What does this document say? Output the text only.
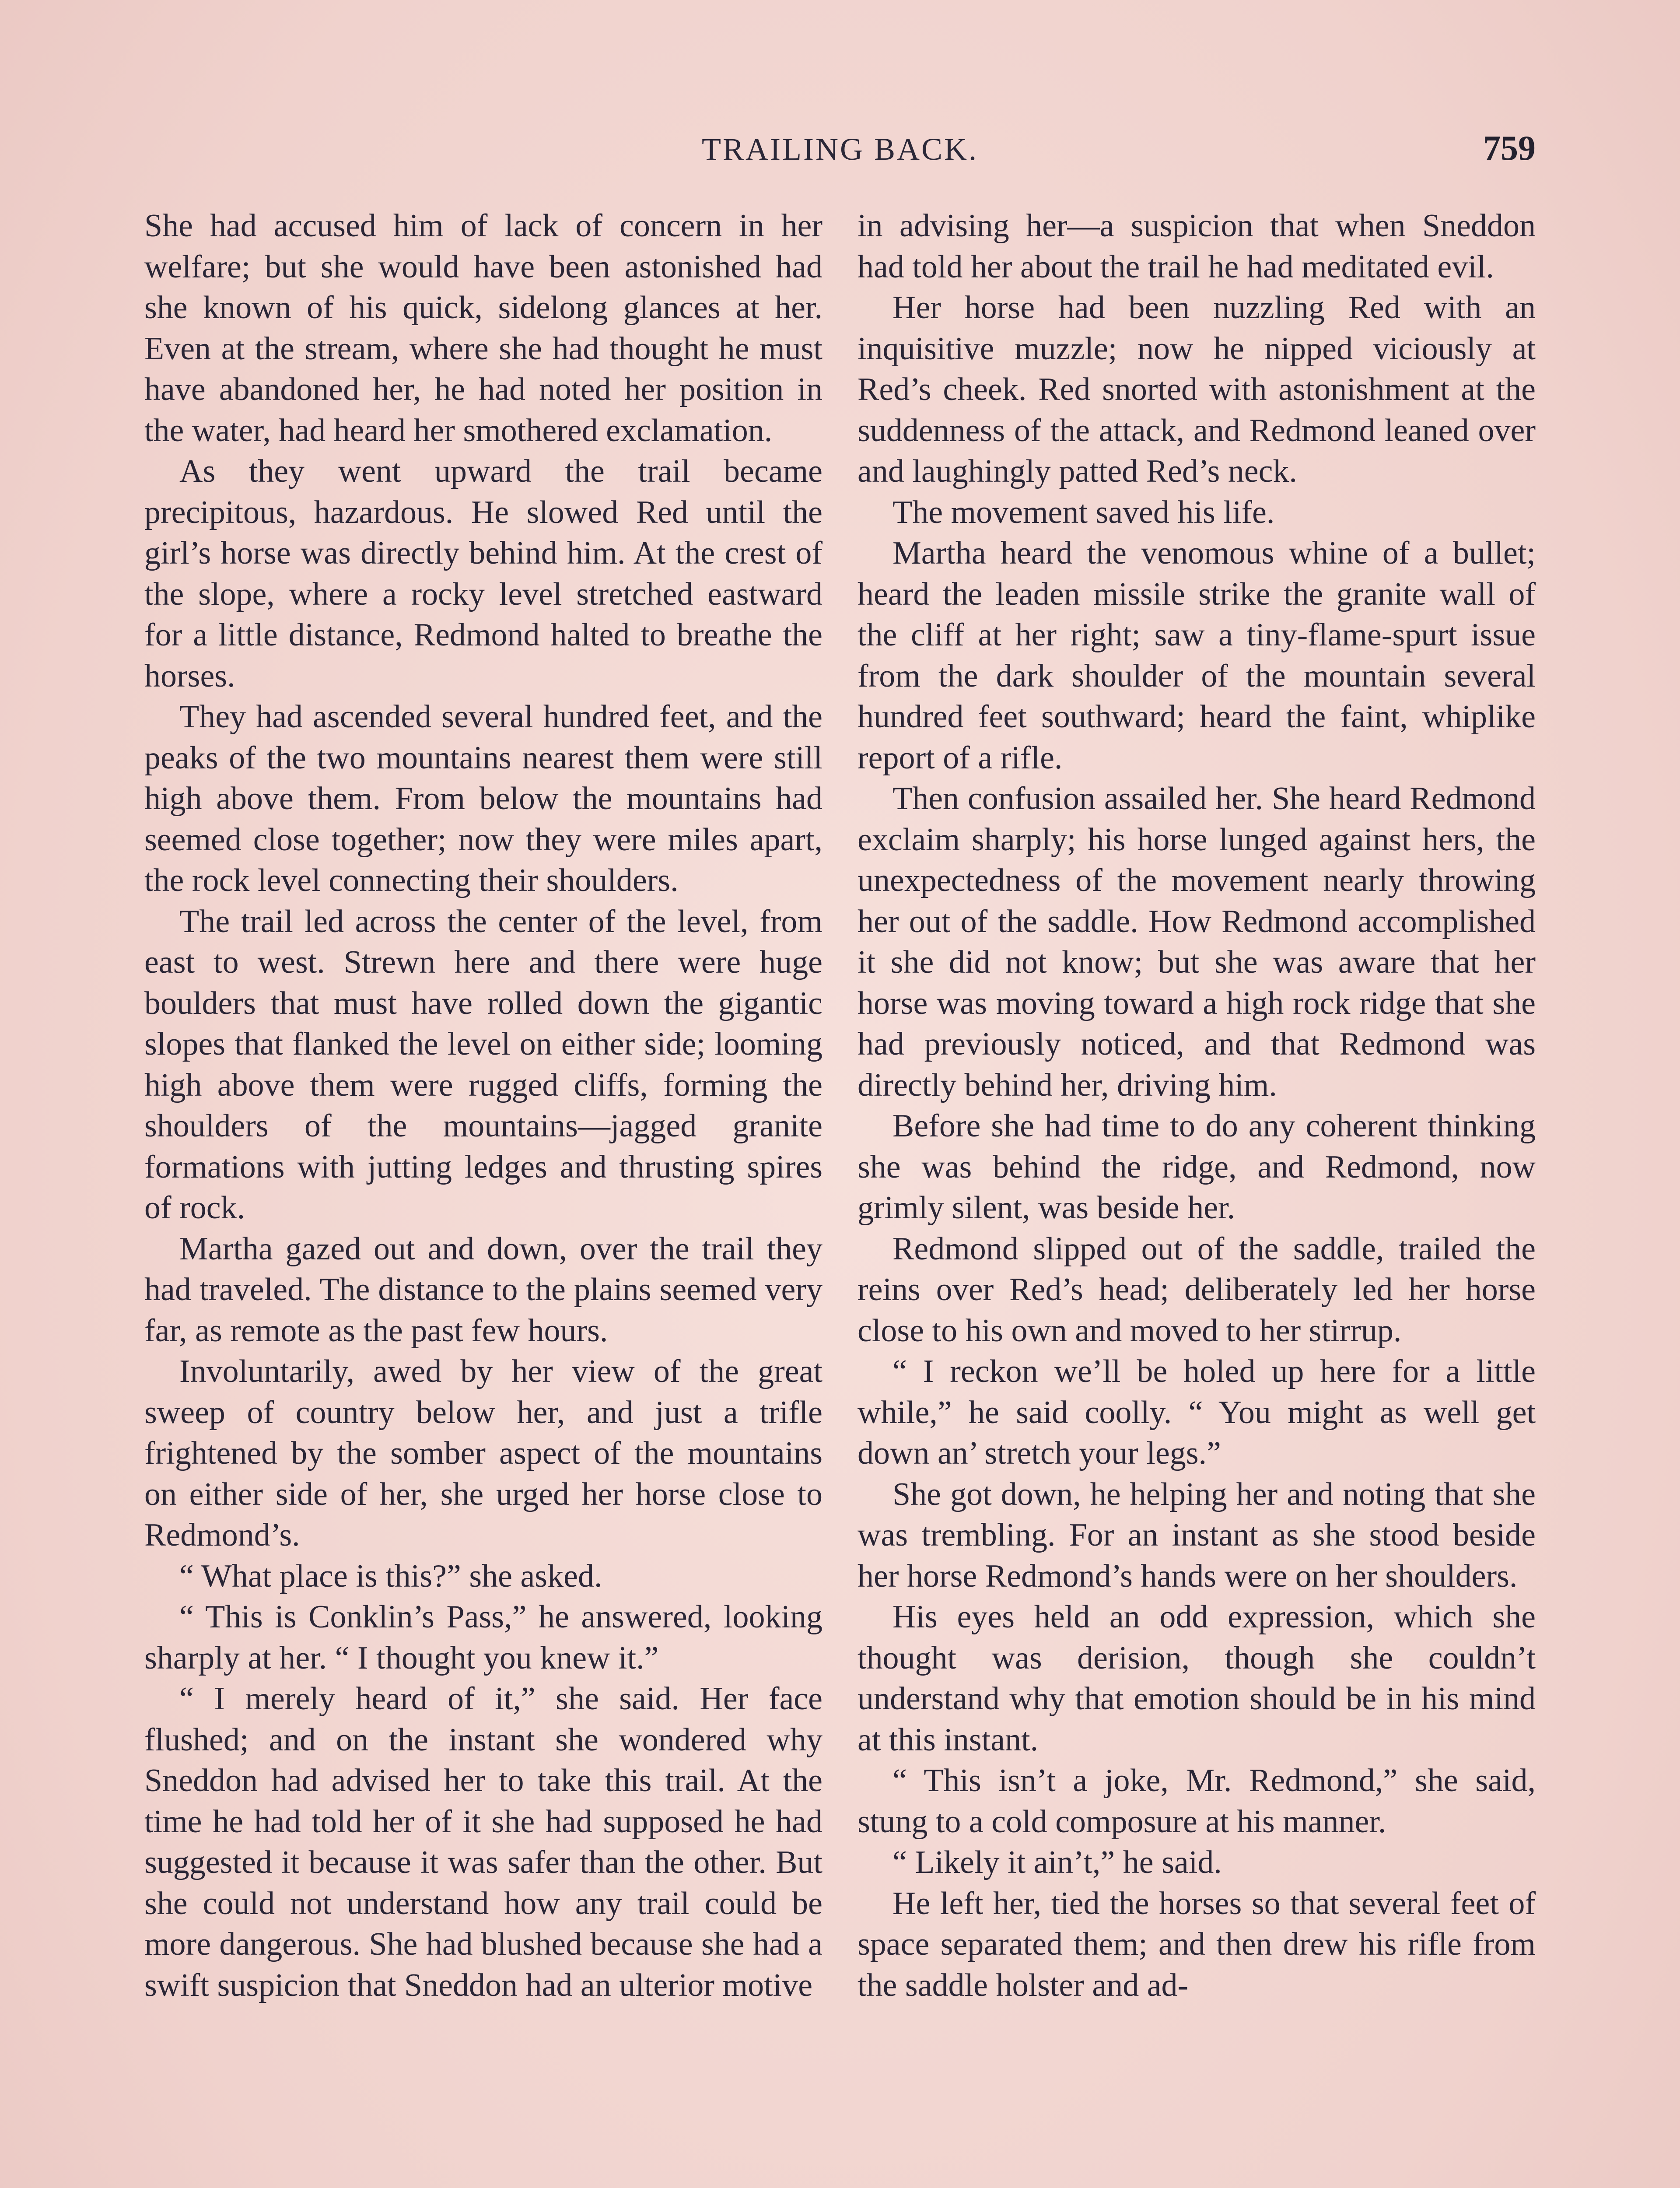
TRAILING BACK.	759

She had accused him of lack of concern in her welfare; but she would have been astonished had she known of his quick, sidelong glances at her. Even at the stream, where she had thought he must have abandoned her, he had noted her position in the water, had heard her smothered exclamation.

As they went upward the trail became precipitous, hazardous. He slowed Red until the girl’s horse was directly behind him. At the crest of the slope, where a rocky level stretched eastward for a little distance, Redmond halted to breathe the horses.

They had ascended several hundred feet, and the peaks of the two mountains nearest them were still high above them. From below the mountains had seemed close together; now they were miles apart, the rock level connecting their shoulders.

The trail led across the center of the level, from east to west. Strewn here and there were huge boulders that must have rolled down the gigantic slopes that flanked the level on either side; looming high above them were rugged cliffs, forming the shoulders of the mountains—jagged granite formations with jutting ledges and thrusting spires of rock.

Martha gazed out and down, over the trail they had traveled. The distance to the plains seemed very far, as remote as the past few hours.

Involuntarily, awed by her view of the great sweep of country below her, and just a trifle frightened by the somber aspect of the mountains on either side of her, she urged her horse close to Redmond’s.

“ What place is this?” she asked.

“ This is Conklin’s Pass,” he answered, looking sharply at her. “ I thought you knew it.”

“ I merely heard of it,” she said. Her face flushed; and on the instant she wondered why Sneddon had advised her to take this trail. At the time he had told her of it she had supposed he had suggested it because it was safer than the other. But she could not understand how any trail could be more dangerous. She had blushed because she had a swift suspicion that Sneddon had an ulterior motive

in advising her—a suspicion that when Sneddon had told her about the trail he had meditated evil.

Her horse had been nuzzling Red with an inquisitive muzzle; now he nipped viciously at Red’s cheek. Red snorted with astonishment at the suddenness of the attack, and Redmond leaned over and laughingly patted Red’s neck.

The movement saved his life.

Martha heard the venomous whine of a bullet; heard the leaden missile strike the granite wall of the cliff at her right; saw a tiny-flame-spurt issue from the dark shoulder of the mountain several hundred feet southward; heard the faint, whiplike report of a rifle.

Then confusion assailed her. She heard Redmond exclaim sharply; his horse lunged against hers, the unexpectedness of the movement nearly throwing her out of the saddle. How Redmond accomplished it she did not know; but she was aware that her horse was moving toward a high rock ridge that she had previously noticed, and that Redmond was directly behind her, driving him.

Before she had time to do any coherent thinking she was behind the ridge, and Redmond, now grimly silent, was beside her.

Redmond slipped out of the saddle, trailed the reins over Red’s head; deliberately led her horse close to his own and moved to her stirrup.

“ I reckon we’ll be holed up here for a little while,” he said coolly. “ You might as well get down an’ stretch your legs.”

She got down, he helping her and noting that she was trembling. For an instant as she stood beside her horse Redmond’s hands were on her shoulders.

His eyes held an odd expression, which she thought was derision, though she couldn’t understand why that emotion should be in his mind at this instant.

“ This isn’t a joke, Mr. Redmond,” she said, stung to a cold composure at his manner.

“ Likely it ain’t,” he said.

He left her, tied the horses so that several feet of space separated them; and then drew his rifle from the saddle holster and ad-
